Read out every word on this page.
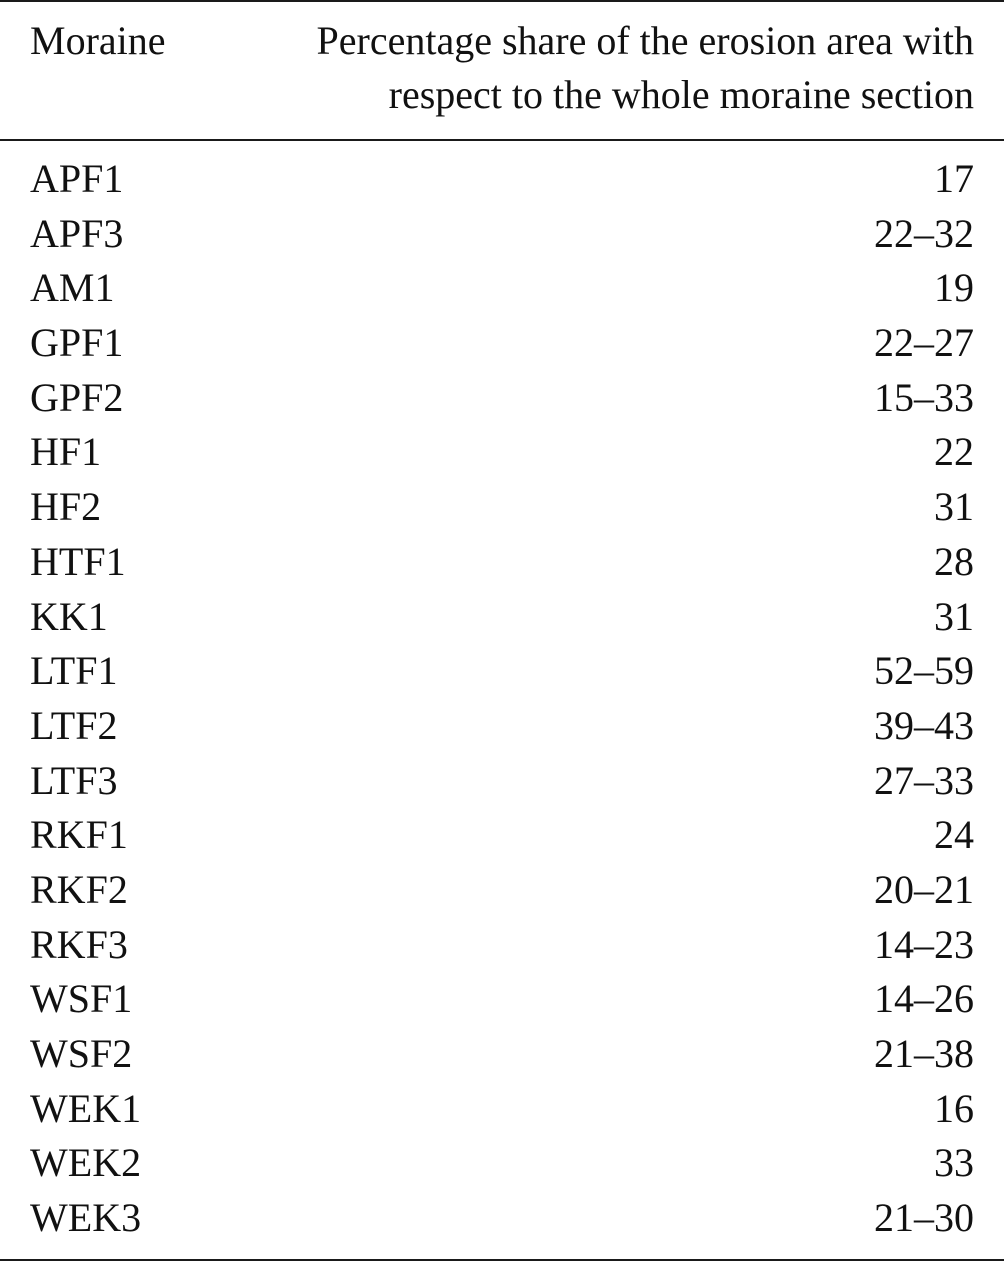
Moraine	Percentage share of the erosion area with
respect to the whole moraine section
APF1	17
APF3	22–32
AM1	19
GPF1	22–27
GPF2	15–33
HF1	22
HF2	31
HTF1	28
KK1	31
LTF1	52–59
LTF2	39–43
LTF3	27–33
RKF1	24
RKF2	20–21
RKF3	14–23
WSF1	14–26
WSF2	21–38
WEK1	16
WEK2	33
WEK3	21–30
